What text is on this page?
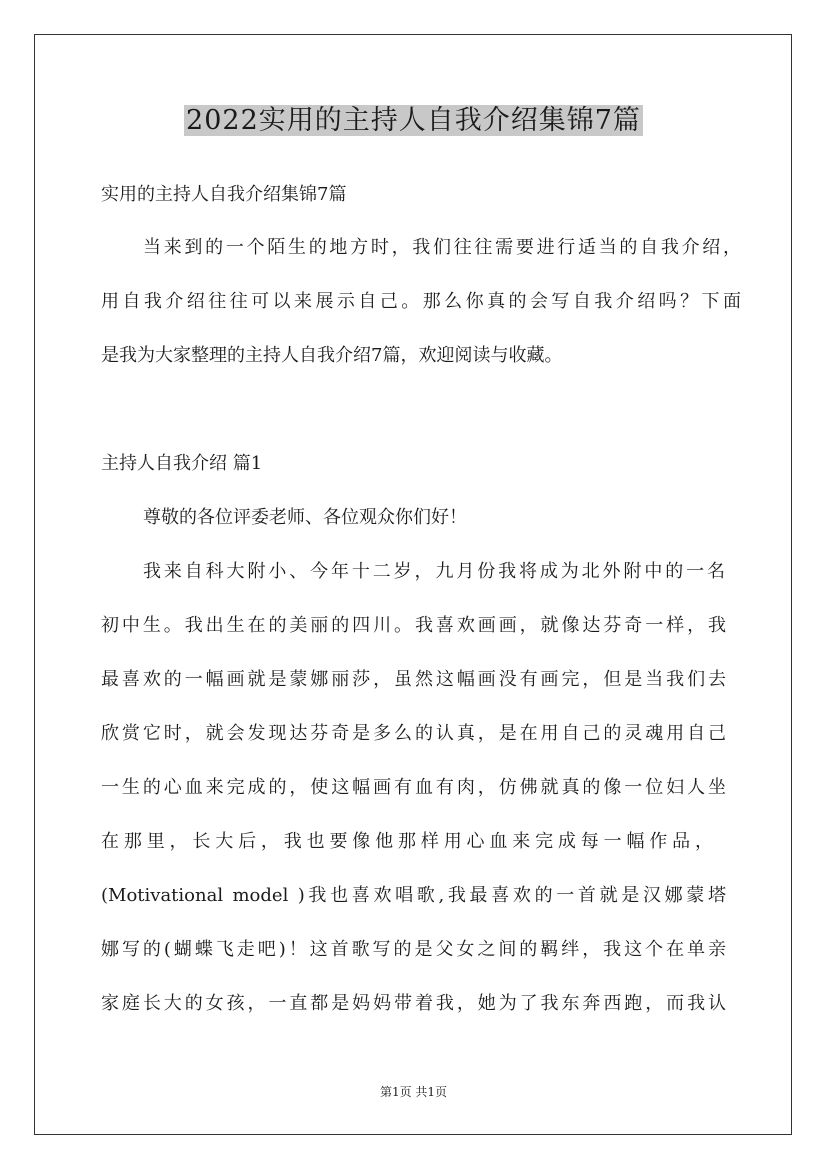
2022实用的主持人自我介绍集锦7篇

实用的主持人自我介绍集锦7篇

当来到的一个陌生的地方时，我们往往需要进行适当的自我介绍，

用自我介绍往往可以来展示自己。那么你真的会写自我介绍吗？下面

是我为大家整理的主持人自我介绍7篇，欢迎阅读与收藏。

主持人自我介绍 篇1

尊敬的各位评委老师、各位观众你们好！

我来自科大附小、今年十二岁，九月份我将成为北外附中的一名

初中生。我出生在的美丽的四川。我喜欢画画，就像达芬奇一样，我

最喜欢的一幅画就是蒙娜丽莎，虽然这幅画没有画完，但是当我们去

欣赏它时，就会发现达芬奇是多么的认真，是在用自己的灵魂用自己

一生的心血来完成的，使这幅画有血有肉，仿佛就真的像一位妇人坐

在那里，长大后，我也要像他那样用心血来完成每一幅作品，

(Motivational model )我也喜欢唱歌,我最喜欢的一首就是汉娜蒙塔

娜写的(蝴蝶飞走吧)！这首歌写的是父女之间的羁绊，我这个在单亲

家庭长大的女孩，一直都是妈妈带着我，她为了我东奔西跑，而我认

第1页 共1页
